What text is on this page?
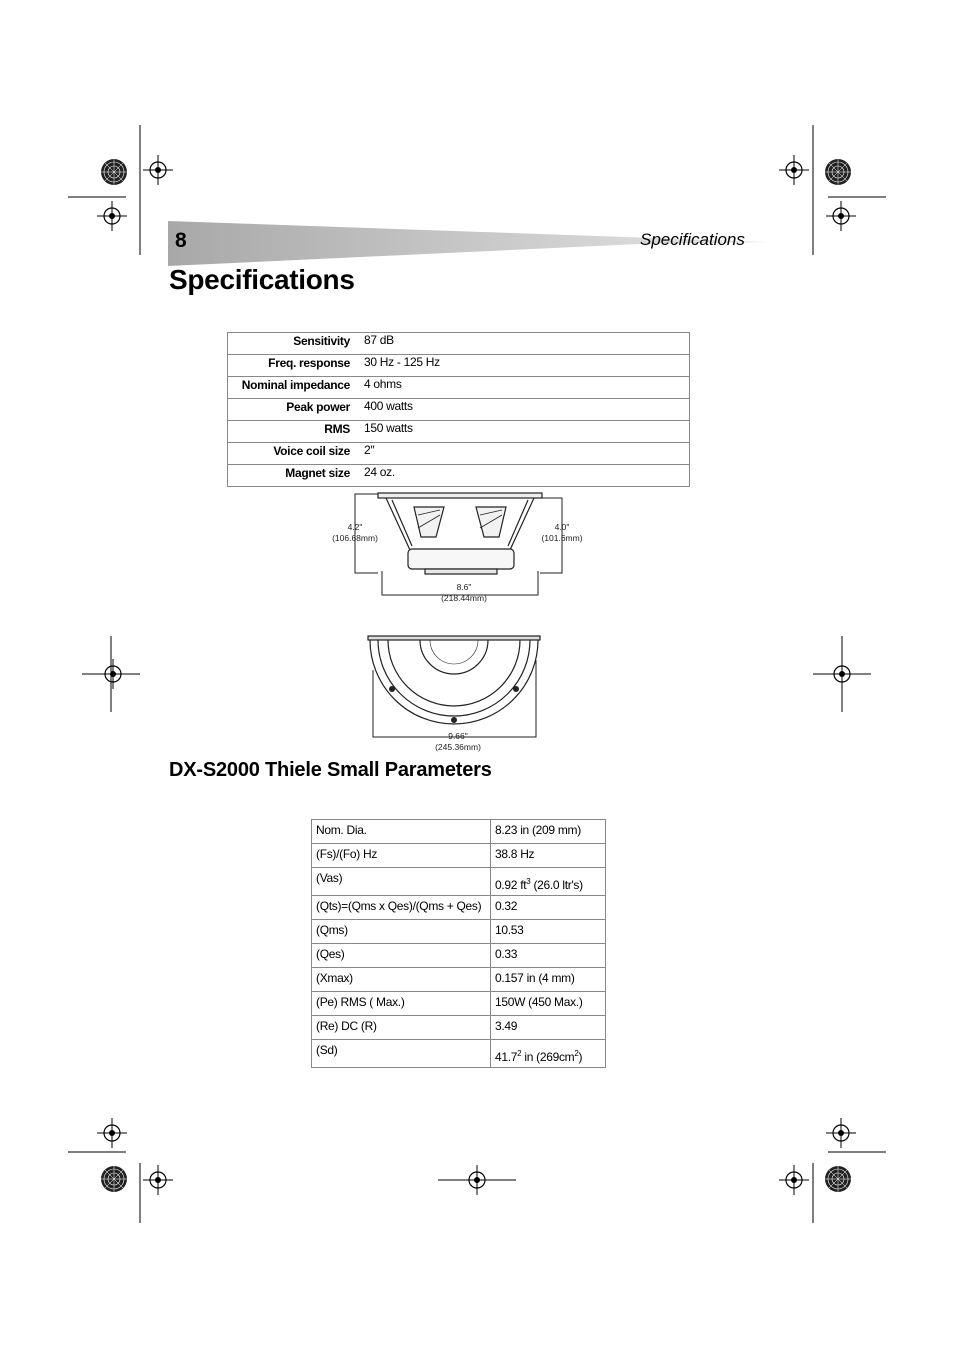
8	Specifications
Specifications
Sensitivity	87 dB
Freq. response	30 Hz - 125 Hz
Nominal impedance	4 ohms
Peak power	400 watts
RMS	150 watts
Voice coil size	2″
Magnet size	24 oz.
4.2"
(106.68mm)
4.0"
(101.6mm)
8.6"
(218.44mm)
9.66"
(245.36mm)
DX-S2000 Thiele Small Parameters
Nom. Dia.	8.23 in (209 mm)
(Fs)/(Fo) Hz	38.8 Hz
(Vas)	0.92 $ft^3$ (26.0 ltr's)
(Qts)=(Qms x Qes)/(Qms + Qes)	0.32
(Qms)	10.53
(Qes)	0.33
(Xmax)	0.157 in (4 mm)
(Pe) RMS ( Max.)	150W (450 Max.)
(Re) DC (R)	3.49
(Sd)	41.7$^2$ in $(269cm^2)$
